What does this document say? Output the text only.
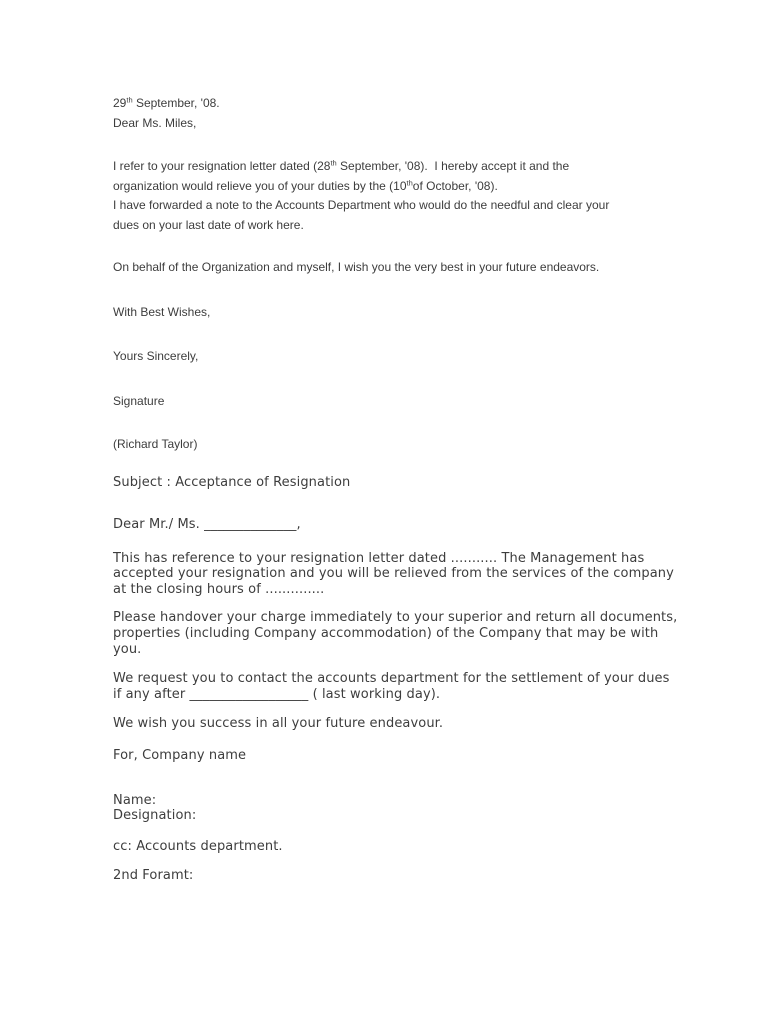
29th September, '08.
Dear Ms. Miles,
I refer to your resignation letter dated (28th September, '08).  I hereby accept it and the
organization would relieve you of your duties by the (10thof October, '08).
I have forwarded a note to the Accounts Department who would do the needful and clear your
dues on your last date of work here.
On behalf of the Organization and myself, I wish you the very best in your future endeavors.
With Best Wishes,
Yours Sincerely,
Signature
(Richard Taylor)
Subject : Acceptance of Resignation
Dear Mr./ Ms. ______________,
This has reference to your resignation letter dated ........... The Management has
accepted your resignation and you will be relieved from the services of the company
at the closing hours of ..............
Please handover your charge immediately to your superior and return all documents,
properties (including Company accommodation) of the Company that may be with
you.
We request you to contact the accounts department for the settlement of your dues
if any after __________________ ( last working day).
We wish you success in all your future endeavour.
For, Company name
Name:
Designation:
cc: Accounts department.
2nd Foramt:
